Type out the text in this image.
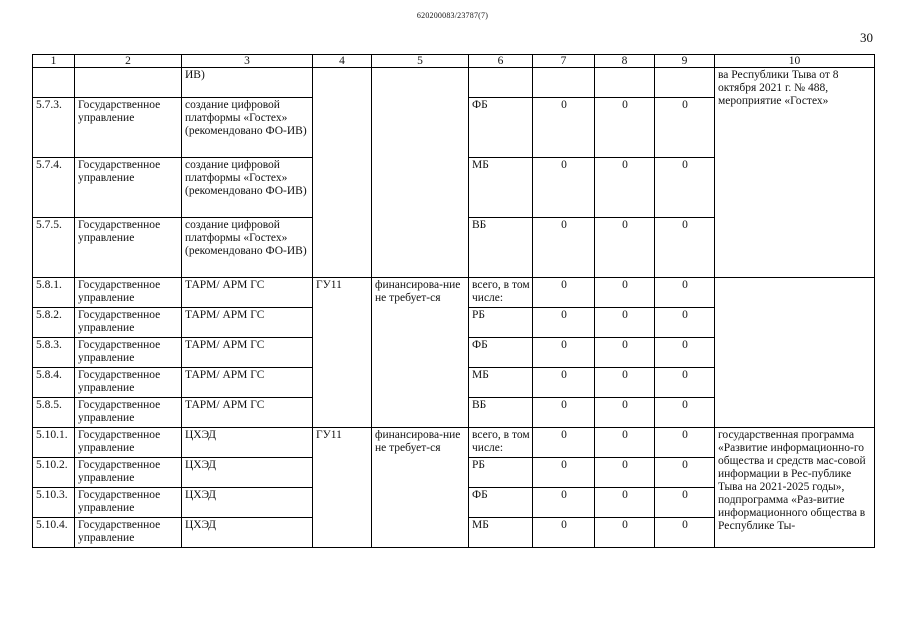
620200083/23787(7)
30
1	2	3	4	5	6	7	8	9	10
		ИВ)							ва Республики Тыва от 8 октября 2021 г. № 488, мероприятие «Гостех»
5.7.3.	Государственное управление	создание цифровой платформы «Гостех» (рекомендовано ФО-ИВ)			ФБ	0	0	0	
5.7.4.	Государственное управление	создание цифровой платформы «Гостех» (рекомендовано ФО-ИВ)			МБ	0	0	0	
5.7.5.	Государственное управление	создание цифровой платформы «Гостех» (рекомендовано ФО-ИВ)			ВБ	0	0	0	
5.8.1.	Государственное управление	ТАРМ/ АРМ ГС	ГУ11	финансирова-ние не требует-ся	всего, в том числе:	0	0	0	
5.8.2.	Государственное управление	ТАРМ/ АРМ ГС			РБ	0	0	0	
5.8.3.	Государственное управление	ТАРМ/ АРМ ГС			ФБ	0	0	0	
5.8.4.	Государственное управление	ТАРМ/ АРМ ГС			МБ	0	0	0	
5.8.5.	Государственное управление	ТАРМ/ АРМ ГС			ВБ	0	0	0	
5.10.1.	Государственное управление	ЦХЭД	ГУ11	финансирова-ние не требует-ся	всего, в том числе:	0	0	0	государственная программа «Развитие информационно-го общества и средств мас-совой информации в Рес-публике Тыва на 2021-2025 годы», подпрограмма «Раз-витие информационного общества в Республике Ты-
5.10.2.	Государственное управление	ЦХЭД			РБ	0	0	0	
5.10.3.	Государственное управление	ЦХЭД			ФБ	0	0	0	
5.10.4.	Государственное управление	ЦХЭД			МБ	0	0	0	
